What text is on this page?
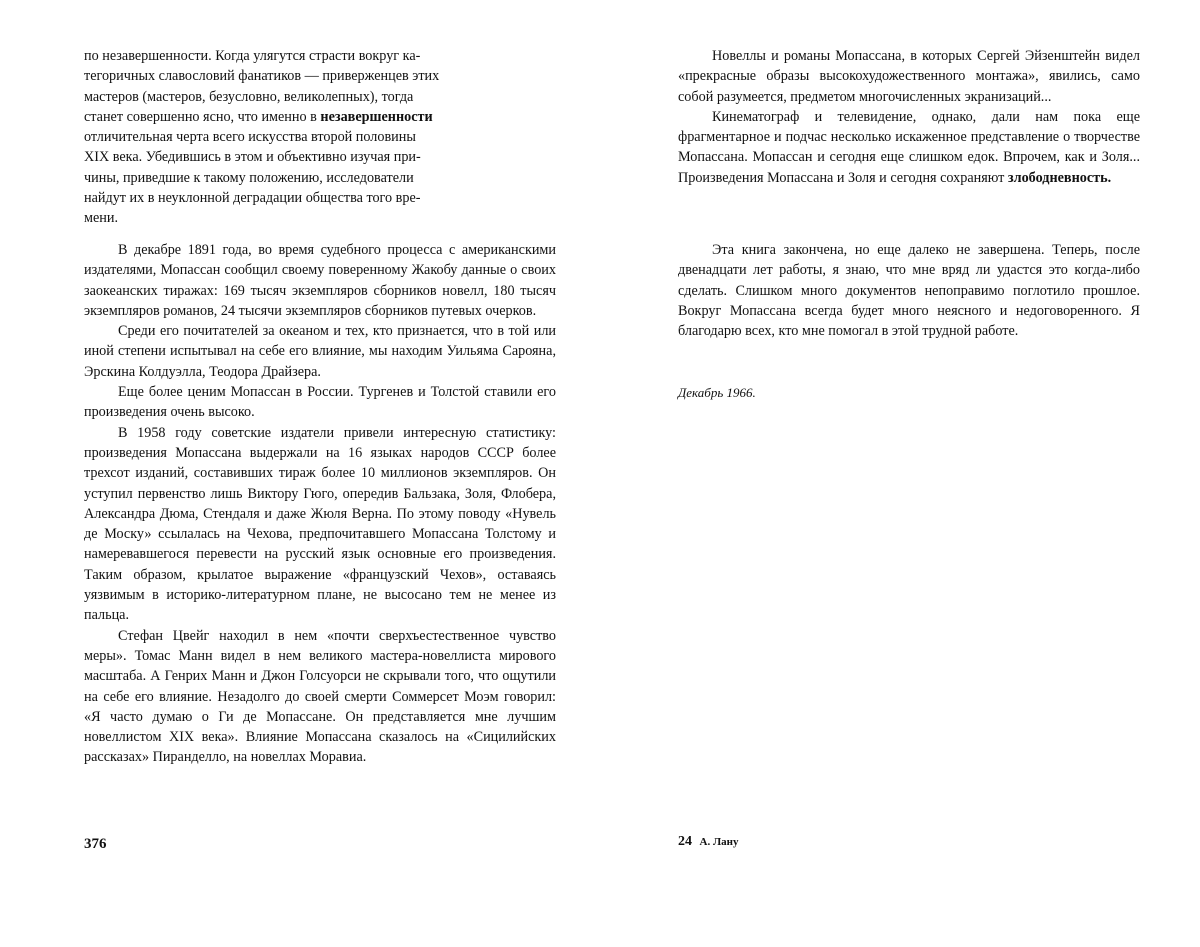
по незавершенности. Когда улягутся страсти вокруг ка-

тегоричных славословий фанатиков — приверженцев этих

мастеров (мастеров, безусловно, великолепных), тогда

станет совершенно ясно, что именно в незавершенности

отличительная черта всего искусства второй половины

XIX века. Убедившись в этом и объективно изучая при-

чины, приведшие к такому положению, исследователи

найдут их в неуклонной деградации общества того вре-

мени.

В декабре 1891 года, во время судебного процесса с американскими издателями, Мопассан сообщил своему поверенному Жакобу данные о своих заокеанских тиражах: 169 тысяч экземпляров сборников новелл, 180 тысяч экземпляров романов, 24 тысячи экземпляров сборников путевых очерков.

Среди его почитателей за океаном и тех, кто признается, что в той или иной степени испытывал на себе его влияние, мы находим Уильяма Сарояна, Эрскина Колдуэлла, Теодора Драйзера.

Еще более ценим Мопассан в России. Тургенев и Толстой ставили его произведения очень высоко.

В 1958 году советские издатели привели интересную статистику: произведения Мопассана выдержали на 16 языках народов СССР более трехсот изданий, составивших тираж более 10 миллионов экземпляров. Он уступил первенство лишь Виктору Гюго, опередив Бальзака, Золя, Флобера, Александра Дюма, Стендаля и даже Жюля Верна. По этому поводу «Нувель де Моску» ссылалась на Чехова, предпочитавшего Мопассана Толстому и намеревавшегося перевести на русский язык основные его произведения. Таким образом, крылатое выражение «французский Чехов», оставаясь уязвимым в историко-литературном плане, не высосано тем не менее из пальца.

Стефан Цвейг находил в нем «почти сверхъестественное чувство меры». Томас Манн видел в нем великого мастера-новеллиста мирового масштаба. А Генрих Манн и Джон Голсуорси не скрывали того, что ощутили на себе его влияние. Незадолго до своей смерти Соммерсет Моэм говорил: «Я часто думаю о Ги де Мопассане. Он представляется мне лучшим новеллистом XIX века». Влияние Мопассана сказалось на «Сицилийских рассказах» Пиранделло, на новеллах Моравиа.

376

Новеллы и романы Мопассана, в которых Сергей Эйзенштейн видел «прекрасные образы высокохудожественного монтажа», явились, само собой разумеется, предметом многочисленных экранизаций...

Кинематограф и телевидение, однако, дали нам пока еще фрагментарное и подчас несколько искаженное представление о творчестве Мопассана. Мопассан и сегодня еще слишком едок. Впрочем, как и Золя... Произведения Мопассана и Золя и сегодня сохраняют злободневность.

Эта книга закончена, но еще далеко не завершена. Теперь, после двенадцати лет работы, я знаю, что мне вряд ли удастся это когда-либо сделать. Слишком много документов непоправимо поглотило прошлое. Вокруг Мопассана всегда будет много неясного и недоговоренного. Я благодарю всех, кто мне помогал в этой трудной работе.

Декабрь 1966.
24 А. Лану
